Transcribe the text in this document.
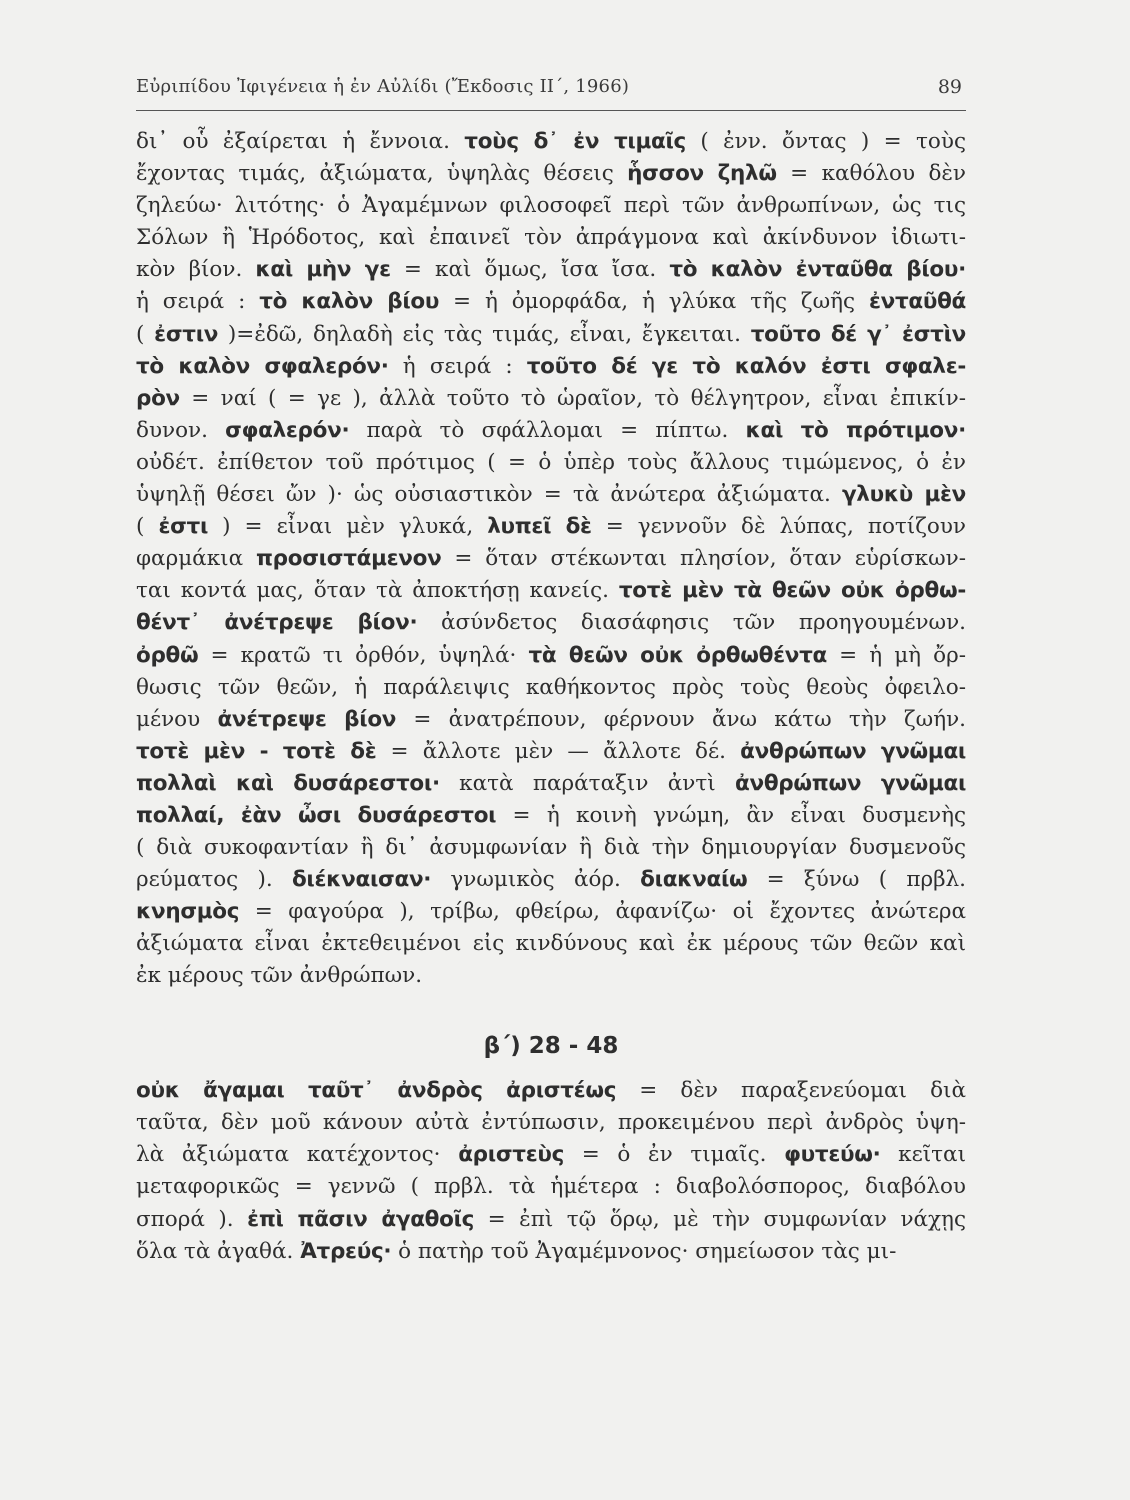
Εὐριπίδου Ἰφιγένεια ἡ ἐν Αὐλίδι (Ἔκδοσις ΙΙ΄, 1966)	89
δι᾽ οὗ ἐξαίρεται ἡ ἔννοια. τοὺς δ᾽ ἐν τιμαῖς ( ἐνν. ὄντας ) = τοὺς
ἔχοντας τιμάς, ἀξιώματα, ὑψηλὰς θέσεις ἧσσον ζηλῶ = καθόλου δὲν
ζηλεύω· λιτότης· ὁ Ἀγαμέμνων φιλοσοφεῖ περὶ τῶν ἀνθρωπίνων, ὡς τις
Σόλων ἢ Ἡρόδοτος, καὶ ἐπαινεῖ τὸν ἀπράγμονα καὶ ἀκίνδυνον ἰδιωτι-
κὸν βίον. καὶ μὴν γε = καὶ ὅμως, ἴσα ἴσα. τὸ καλὸν ἐνταῦθα βίου·
ἡ σειρά : τὸ καλὸν βίου = ἡ ὀμορφάδα, ἡ γλύκα τῆς ζωῆς ἐνταῦθά
( ἐστιν )=ἐδῶ, δηλαδὴ εἰς τὰς τιμάς, εἶναι, ἔγκειται. τοῦτο δέ γ᾽ ἐστὶν
τὸ καλὸν σφαλερόν· ἡ σειρά : τοῦτο δέ γε τὸ καλόν ἐστι σφαλε-
ρὸν = ναί ( = γε ), ἀλλὰ τοῦτο τὸ ὡραῖον, τὸ θέλγητρον, εἶναι ἐπικίν-
δυνον. σφαλερόν· παρὰ τὸ σφάλλομαι = πίπτω. καὶ τὸ πρότιμον·
οὐδέτ. ἐπίθετον τοῦ πρότιμος ( = ὁ ὑπὲρ τοὺς ἄλλους τιμώμενος, ὁ ἐν
ὑψηλῇ θέσει ὤν )· ὡς οὐσιαστικὸν = τὰ ἀνώτερα ἀξιώματα. γλυκὺ μὲν
( ἐστι ) = εἶναι μὲν γλυκά, λυπεῖ δὲ = γεννοῦν δὲ λύπας, ποτίζουν
φαρμάκια προσιστάμενον = ὅταν στέκωνται πλησίον, ὅταν εὑρίσκων-
ται κοντά μας, ὅταν τὰ ἀποκτήσῃ κανείς. τοτὲ μὲν τὰ θεῶν οὐκ ὀρθω-
θέντ᾽ ἀνέτρεψε βίον· ἀσύνδετος διασάφησις τῶν προηγουμένων.
ὀρθῶ = κρατῶ τι ὀρθόν, ὑψηλά· τὰ θεῶν οὐκ ὀρθωθέντα = ἡ μὴ ὄρ-
θωσις τῶν θεῶν, ἡ παράλειψις καθήκοντος πρὸς τοὺς θεοὺς ὀφειλο-
μένου ἀνέτρεψε βίον = ἀνατρέπουν, φέρνουν ἄνω κάτω τὴν ζωήν.
τοτὲ μὲν - τοτὲ δὲ = ἄλλοτε μὲν — ἄλλοτε δέ. ἀνθρώπων γνῶμαι
πολλαὶ καὶ δυσάρεστοι· κατὰ παράταξιν ἀντὶ ἀνθρώπων γνῶμαι
πολλαί, ἐὰν ὦσι δυσάρεστοι = ἡ κοινὴ γνώμη, ἂν εἶναι δυσμενὴς
( διὰ συκοφαντίαν ἢ δι᾽ ἀσυμφωνίαν ἢ διὰ τὴν δημιουργίαν δυσμενοῦς
ρεύματος ). διέκναισαν· γνωμικὸς ἀόρ. διακναίω = ξύνω ( πρβλ.
κνησμὸς = φαγούρα ), τρίβω, φθείρω, ἀφανίζω· οἱ ἔχοντες ἀνώτερα
ἀξιώματα εἶναι ἐκτεθειμένοι εἰς κινδύνους καὶ ἐκ μέρους τῶν θεῶν καὶ
ἐκ μέρους τῶν ἀνθρώπων.
β΄) 28 - 48
οὐκ ἄγαμαι ταῦτ᾽ ἀνδρὸς ἀριστέως = δὲν παραξενεύομαι διὰ
ταῦτα, δὲν μοῦ κάνουν αὐτὰ ἐντύπωσιν, προκειμένου περὶ ἀνδρὸς ὑψη-
λὰ ἀξιώματα κατέχοντος· ἀριστεὺς = ὁ ἐν τιμαῖς. φυτεύω· κεῖται
μεταφορικῶς = γεννῶ ( πρβλ. τὰ ἡμέτερα : διαβολόσπορος, διαβόλου
σπορά ). ἐπὶ πᾶσιν ἀγαθοῖς = ἐπὶ τῷ ὅρῳ, μὲ τὴν συμφωνίαν νάχῃς
ὅλα τὰ ἀγαθά. Ἀτρεύς· ὁ πατὴρ τοῦ Ἀγαμέμνονος· σημείωσον τὰς μι-
